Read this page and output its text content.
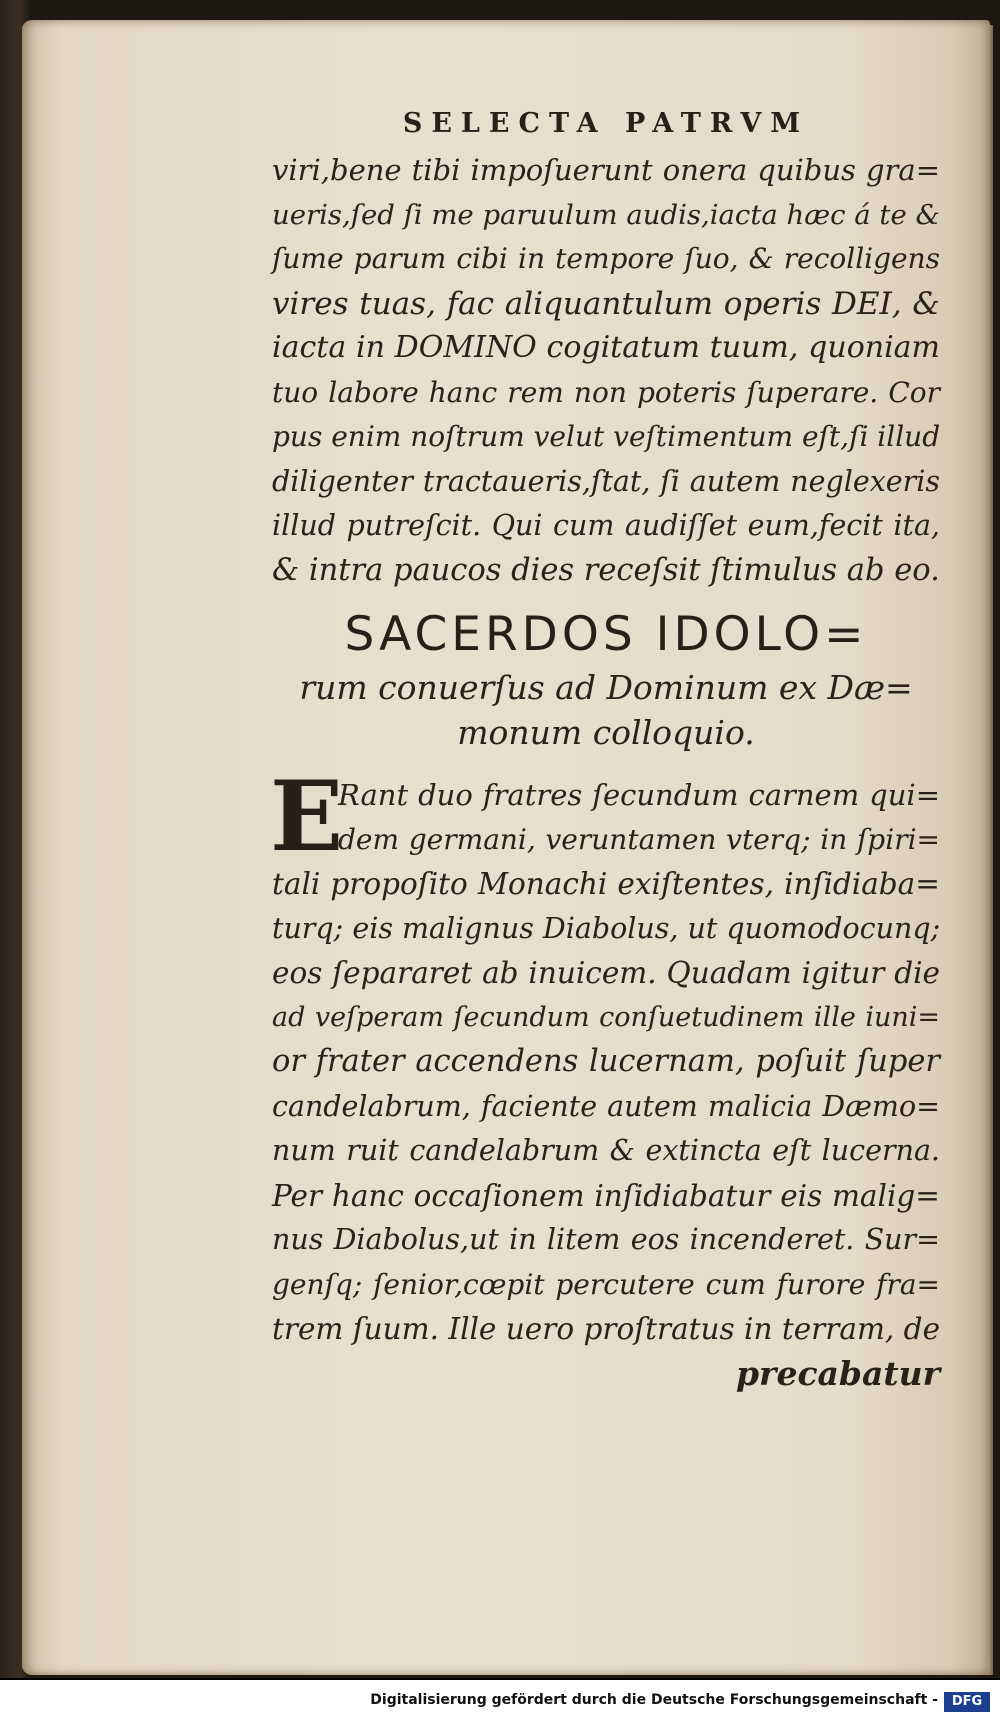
SELECTA PATRVM
viri,bene tibi impoſuerunt onera quibus gra=
ueris,ſed ſi me paruulum audis,iacta hæc á te &
ſume parum cibi in tempore ſuo, & recolligens
vires tuas, fac aliquantulum operis DEI, &
iacta in DOMINO cogitatum tuum, quoniam
tuo labore hanc rem non poteris ſuperare. Cor
pus enim noſtrum velut veſtimentum eſt,ſi illud
diligenter tractaueris,ſtat, ſi autem neglexeris
illud putreſcit. Qui cum audiſſet eum,fecit ita,
& intra paucos dies receſsit ſtimulus ab eo.
SACERDOS IDOLO=
rum conuerſus ad Dominum ex Dæ=
monum colloquio.
E
Rant duo fratres ſecundum carnem qui=
dem germani, veruntamen vterq; in ſpiri=
tali propoſito Monachi exiſtentes, inſidiaba=
turq; eis malignus Diabolus, ut quomodocunq;
eos ſepararet ab inuicem. Quadam igitur die
ad veſperam ſecundum conſuetudinem ille iuni=
or frater accendens lucernam, poſuit ſuper
candelabrum, faciente autem malicia Dæmo=
num ruit candelabrum & extincta eſt lucerna.
Per hanc occaſionem inſidiabatur eis malig=
nus Diabolus,ut in litem eos incenderet. Sur=
genſq; ſenior,cœpit percutere cum furore fra=
trem ſuum. Ille uero proſtratus in terram, de
precabatur
Digitalisierung gefördert durch die Deutsche Forschungsgemeinschaft -	DFG
